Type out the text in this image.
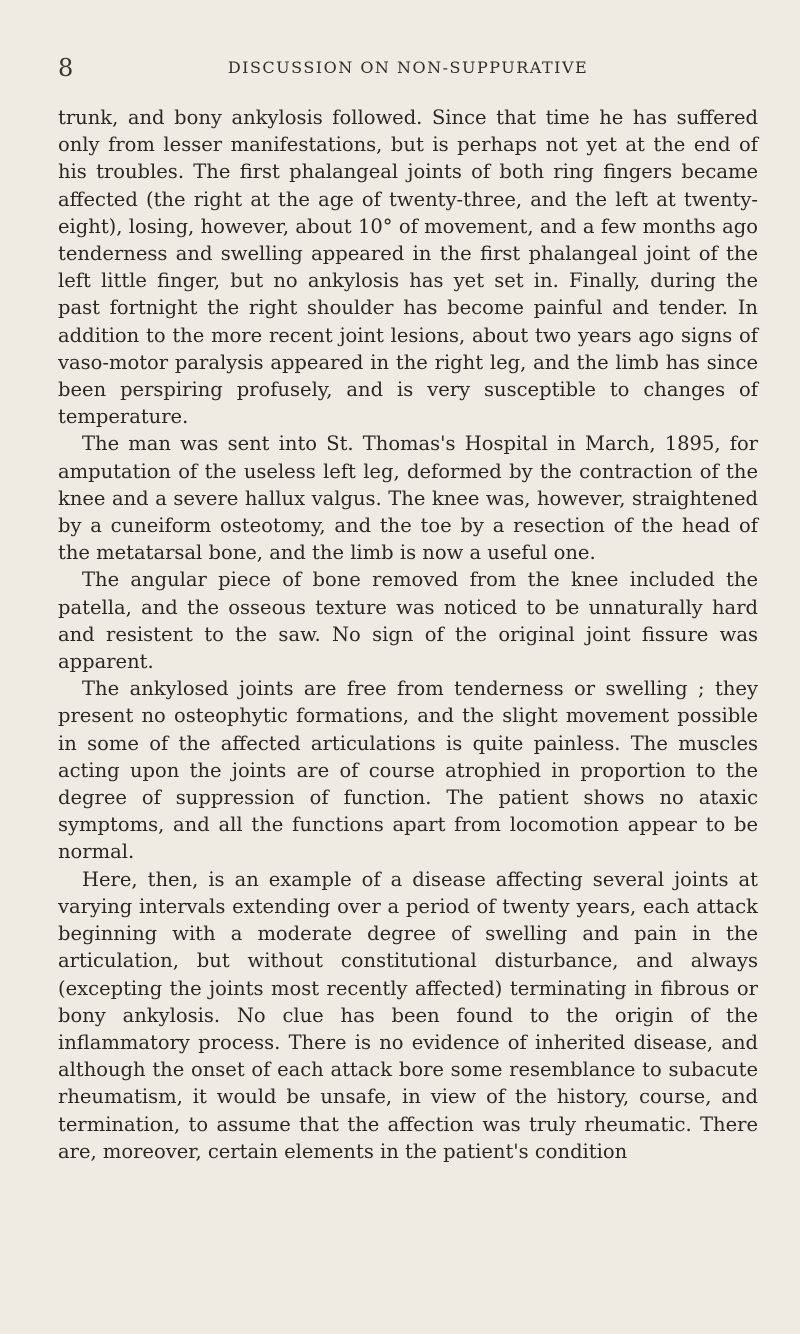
8	DISCUSSION ON NON-SUPPURATIVE

trunk, and bony ankylosis followed. Since that time he has suffered only from lesser manifestations, but is perhaps not yet at the end of his troubles. The first phalangeal joints of both ring fingers became affected (the right at the age of twenty-three, and the left at twenty-eight), losing, however, about 10° of movement, and a few months ago tenderness and swelling appeared in the first phalangeal joint of the left little finger, but no ankylosis has yet set in. Finally, during the past fortnight the right shoulder has become painful and tender. In addition to the more recent joint lesions, about two years ago signs of vaso-motor paralysis appeared in the right leg, and the limb has since been perspiring profusely, and is very susceptible to changes of temperature.

The man was sent into St. Thomas's Hospital in March, 1895, for amputation of the useless left leg, deformed by the contraction of the knee and a severe hallux valgus. The knee was, however, straightened by a cuneiform osteotomy, and the toe by a resection of the head of the metatarsal bone, and the limb is now a useful one.

The angular piece of bone removed from the knee included the patella, and the osseous texture was noticed to be unnaturally hard and resistent to the saw. No sign of the original joint fissure was apparent.

The ankylosed joints are free from tenderness or swelling ; they present no osteophytic formations, and the slight movement possible in some of the affected articulations is quite painless. The muscles acting upon the joints are of course atrophied in proportion to the degree of suppression of function. The patient shows no ataxic symptoms, and all the functions apart from locomotion appear to be normal.

Here, then, is an example of a disease affecting several joints at varying intervals extending over a period of twenty years, each attack beginning with a moderate degree of swelling and pain in the articulation, but without constitutional disturbance, and always (excepting the joints most recently affected) terminating in fibrous or bony ankylosis. No clue has been found to the origin of the inflammatory process. There is no evidence of inherited disease, and although the onset of each attack bore some resemblance to subacute rheumatism, it would be unsafe, in view of the history, course, and termination, to assume that the affection was truly rheumatic. There are, moreover, certain elements in the patient's condition
